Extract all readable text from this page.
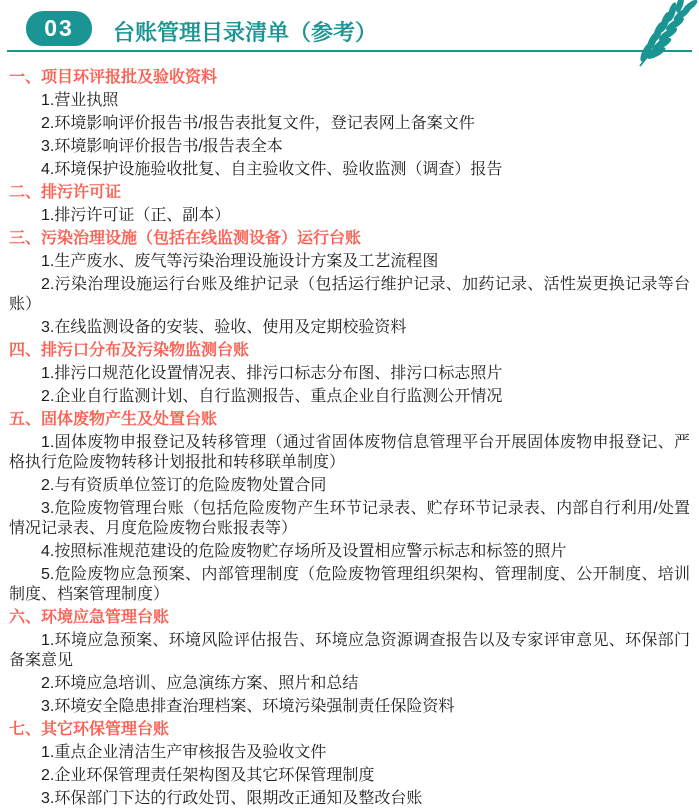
03	台账管理目录清单（参考）

一、项目环评报批及验收资料

1.营业执照

2.环境影响评价报告书/报告表批复文件，登记表网上备案文件

3.环境影响评价报告书/报告表全本

4.环境保护设施验收批复、自主验收文件、验收监测（调查）报告

二、排污许可证

1.排污许可证（正、副本）

三、污染治理设施（包括在线监测设备）运行台账

1.生产废水、废气等污染治理设施设计方案及工艺流程图

2.污染治理设施运行台账及维护记录（包括运行维护记录、加药记录、活性炭更换记录等台账）

3.在线监测设备的安装、验收、使用及定期校验资料

四、排污口分布及污染物监测台账

1.排污口规范化设置情况表、排污口标志分布图、排污口标志照片

2.企业自行监测计划、自行监测报告、重点企业自行监测公开情况

五、固体废物产生及处置台账

1.固体废物申报登记及转移管理（通过省固体废物信息管理平台开展固体废物申报登记、严格执行危险废物转移计划报批和转移联单制度）

2.与有资质单位签订的危险废物处置合同

3.危险废物管理台账（包括危险废物产生环节记录表、贮存环节记录表、内部自行利用/处置情况记录表、月度危险废物台账报表等）

4.按照标准规范建设的危险废物贮存场所及设置相应警示标志和标签的照片

5.危险废物应急预案、内部管理制度（危险废物管理组织架构、管理制度、公开制度、培训制度、档案管理制度）

六、环境应急管理台账

1.环境应急预案、环境风险评估报告、环境应急资源调查报告以及专家评审意见、环保部门备案意见

2.环境应急培训、应急演练方案、照片和总结

3.环境安全隐患排查治理档案、环境污染强制责任保险资料

七、其它环保管理台账

1.重点企业清洁生产审核报告及验收文件

2.企业环保管理责任架构图及其它环保管理制度

3.环保部门下达的行政处罚、限期改正通知及整改台账
